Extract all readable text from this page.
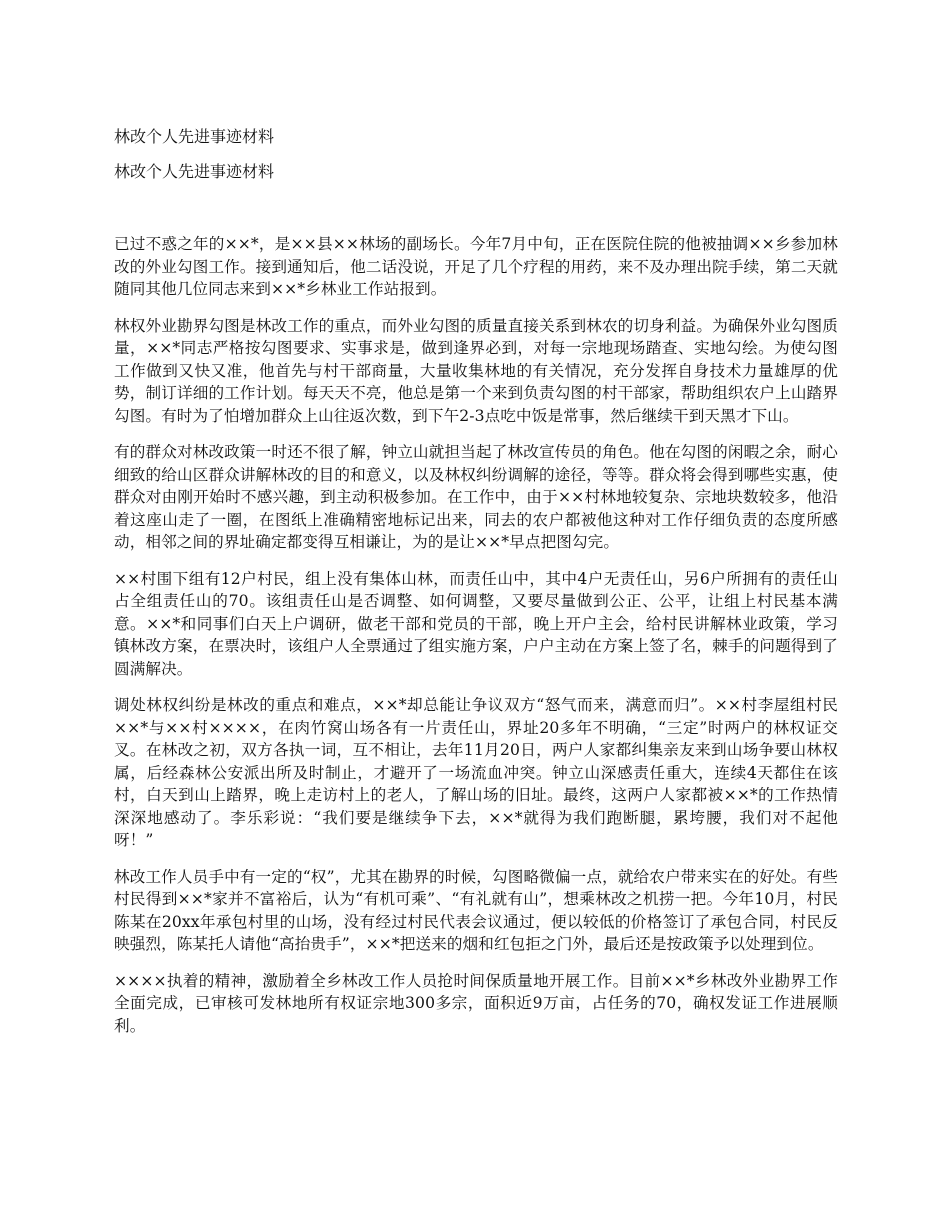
林改个人先进事迹材料
林改个人先进事迹材料

已过不惑之年的××*，是××县××林场的副场长。今年7月中旬，正在医院住院的他被抽调××乡参加林改的外业勾图工作。接到通知后，他二话没说，开足了几个疗程的用药，来不及办理出院手续，第二天就随同其他几位同志来到××*乡林业工作站报到。

林权外业勘界勾图是林改工作的重点，而外业勾图的质量直接关系到林农的切身利益。为确保外业勾图质量，××*同志严格按勾图要求、实事求是，做到逢界必到，对每一宗地现场踏查、实地勾绘。为使勾图工作做到又快又准，他首先与村干部商量，大量收集林地的有关情况，充分发挥自身技术力量雄厚的优势，制订详细的工作计划。每天天不亮，他总是第一个来到负责勾图的村干部家，帮助组织农户上山踏界勾图。有时为了怕增加群众上山往返次数，到下午2-3点吃中饭是常事，然后继续干到天黑才下山。

有的群众对林改政策一时还不很了解，钟立山就担当起了林改宣传员的角色。他在勾图的闲暇之余，耐心细致的给山区群众讲解林改的目的和意义，以及林权纠纷调解的途径，等等。群众将会得到哪些实惠，使群众对由刚开始时不感兴趣，到主动积极参加。在工作中，由于××村林地较复杂、宗地块数较多，他沿着这座山走了一圈，在图纸上准确精密地标记出来，同去的农户都被他这种对工作仔细负责的态度所感动，相邻之间的界址确定都变得互相谦让，为的是让××*早点把图勾完。

××村围下组有12户村民，组上没有集体山林，而责任山中，其中4户无责任山，另6户所拥有的责任山占全组责任山的70。该组责任山是否调整、如何调整，又要尽量做到公正、公平，让组上村民基本满意。××*和同事们白天上户调研，做老干部和党员的干部，晚上开户主会，给村民讲解林业政策，学习镇林改方案，在票决时，该组户人全票通过了组实施方案，户户主动在方案上签了名，棘手的问题得到了圆满解决。

调处林权纠纷是林改的重点和难点，××*却总能让争议双方“怒气而来，满意而归”。××村李屋组村民××*与××村××××，在肉竹窝山场各有一片责任山，界址20多年不明确，“三定”时两户的林权证交叉。在林改之初，双方各执一词，互不相让，去年11月20日，两户人家都纠集亲友来到山场争要山林权属，后经森林公安派出所及时制止，才避开了一场流血冲突。钟立山深感责任重大，连续4天都住在该村，白天到山上踏界，晚上走访村上的老人，了解山场的旧址。最终，这两户人家都被××*的工作热情深深地感动了。李乐彩说：“我们要是继续争下去，××*就得为我们跑断腿，累垮腰，我们对不起他呀！”

林改工作人员手中有一定的“权”，尤其在勘界的时候，勾图略微偏一点，就给农户带来实在的好处。有些村民得到××*家并不富裕后，认为“有机可乘”、“有礼就有山”，想乘林改之机捞一把。今年10月，村民陈某在20xx年承包村里的山场，没有经过村民代表会议通过，便以较低的价格签订了承包合同，村民反映强烈，陈某托人请他“高抬贵手”，××*把送来的烟和红包拒之门外，最后还是按政策予以处理到位。

××××执着的精神，激励着全乡林改工作人员抢时间保质量地开展工作。目前××*乡林改外业勘界工作全面完成，已审核可发林地所有权证宗地300多宗，面积近9万亩，占任务的70，确权发证工作进展顺利。
